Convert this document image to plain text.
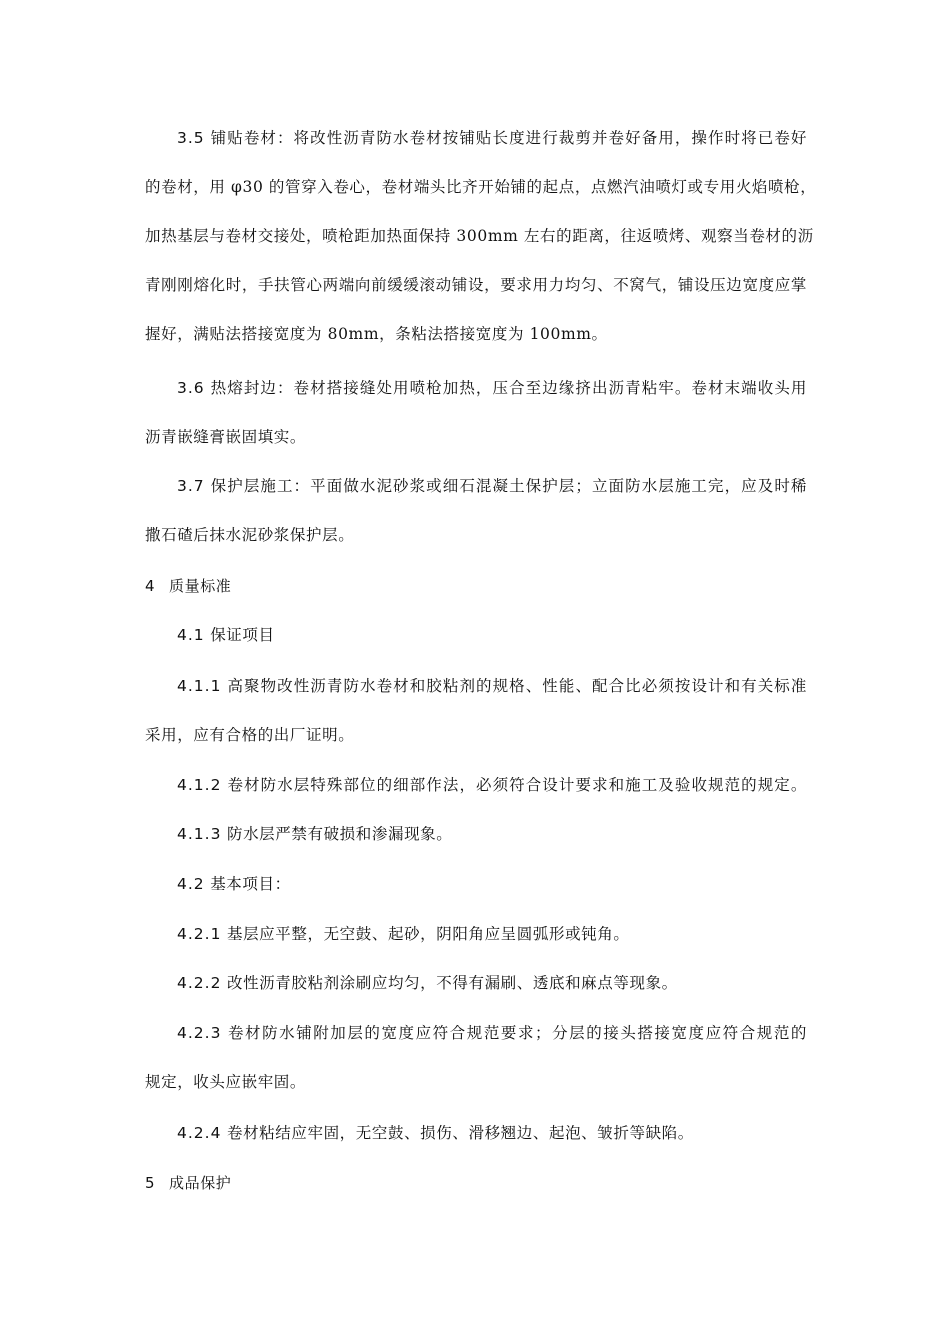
3.5 铺贴卷材：将改性沥青防水卷材按铺贴长度进行裁剪并卷好备用，操作时将已卷好
的卷材，用 φ30 的管穿入卷心，卷材端头比齐开始铺的起点，点燃汽油喷灯或专用火焰喷枪，
加热基层与卷材交接处，喷枪距加热面保持 300mm 左右的距离，往返喷烤、观察当卷材的沥
青刚刚熔化时，手扶管心两端向前缓缓滚动铺设，要求用力均匀、不窝气，铺设压边宽度应掌
握好，满贴法搭接宽度为 80mm，条粘法搭接宽度为 100mm。
3.6 热熔封边：卷材搭接缝处用喷枪加热，压合至边缘挤出沥青粘牢。卷材末端收头用
沥青嵌缝膏嵌固填实。
3.7 保护层施工：平面做水泥砂浆或细石混凝土保护层；立面防水层施工完，应及时稀
撒石碴后抹水泥砂浆保护层。
4 质量标准
4.1 保证项目
4.1.1 高聚物改性沥青防水卷材和胶粘剂的规格、性能、配合比必须按设计和有关标准
采用，应有合格的出厂证明。
4.1.2 卷材防水层特殊部位的细部作法，必须符合设计要求和施工及验收规范的规定。
4.1.3 防水层严禁有破损和渗漏现象。
4.2 基本项目：
4.2.1 基层应平整，无空鼓、起砂，阴阳角应呈圆弧形或钝角。
4.2.2 改性沥青胶粘剂涂刷应均匀，不得有漏刷、透底和麻点等现象。
4.2.3 卷材防水铺附加层的宽度应符合规范要求；分层的接头搭接宽度应符合规范的
规定，收头应嵌牢固。
4.2.4 卷材粘结应牢固，无空鼓、损伤、滑移翘边、起泡、皱折等缺陷。
5 成品保护
